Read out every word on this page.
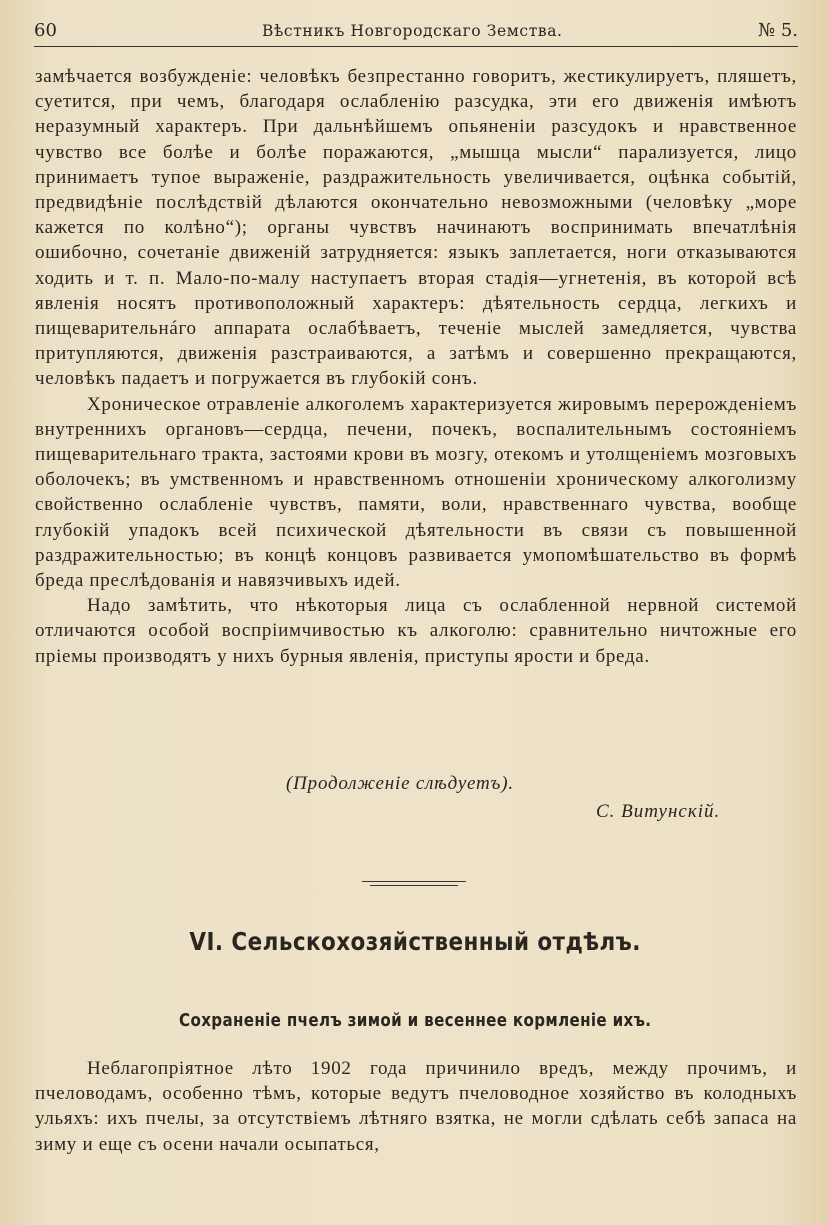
60	Вѣстникъ Новгородскаго Земства.	№ 5.

замѣчается возбужденіе: человѣкъ безпрестанно говоритъ, жестикулируетъ, пляшетъ, суетится, при чемъ, благодаря ослабленію разсудка, эти его движенія имѣютъ неразумный характеръ. При дальнѣйшемъ опьяненіи разсудокъ и нравственное чувство все болѣе и болѣе поражаются, „мышца мысли“ парализуется, лицо принимаетъ тупое выраженіе, раздражительность увеличивается, оцѣнка событій, предвидѣніе послѣдствій дѣлаются окончательно невозможными (человѣку „море кажется по колѣно“); органы чувствъ начинаютъ воспринимать впечатлѣнія ошибочно, сочетаніе движеній затрудняется: языкъ заплетается, ноги отказываются ходить и т. п. Мало-по-малу наступаетъ вторая стадія—угнетенія, въ которой всѣ явленія носятъ противоположный характеръ: дѣятельность сердца, легкихъ и пищеварительнáго аппарата ослабѣваетъ, теченіе мыслей замедляется, чувства притупляются, движенія разстраиваются, а затѣмъ и совершенно прекращаются, человѣкъ падаетъ и погружается въ глубокій сонъ.

Хроническое отравленіе алкоголемъ характеризуется жировымъ перерожденіемъ внутреннихъ органовъ—сердца, печени, почекъ, воспалительнымъ состояніемъ пищеварительнаго тракта, застоями крови въ мозгу, отекомъ и утолщеніемъ мозговыхъ оболочекъ; въ умственномъ и нравственномъ отношеніи хроническому алкоголизму свойственно ослабленіе чувствъ, памяти, воли, нравственнаго чувства, вообще глубокій упадокъ всей психической дѣятельности въ связи съ повышенной раздражительностью; въ концѣ концовъ развивается умопомѣшательство въ формѣ бреда преслѣдованія и навязчивыхъ идей.

Надо замѣтить, что нѣкоторыя лица съ ослабленной нервной системой отличаются особой воспріимчивостью къ алкоголю: сравнительно ничтожные его пріемы производятъ у нихъ бурныя явленія, приступы ярости и бреда.

(Продолженіе слѣдуетъ).
С. Витунскій.
VI. Сельскохозяйственный отдѣлъ.
Сохраненіе пчелъ зимой и весеннее кормленіе ихъ.

Неблагопріятное лѣто 1902 года причинило вредъ, между прочимъ, и пчеловодамъ, особенно тѣмъ, которые ведутъ пчеловодное хозяйство въ колодныхъ ульяхъ: ихъ пчелы, за отсутствіемъ лѣтняго взятка, не могли сдѣлать себѣ запаса на зиму и еще съ осени начали осыпаться,
